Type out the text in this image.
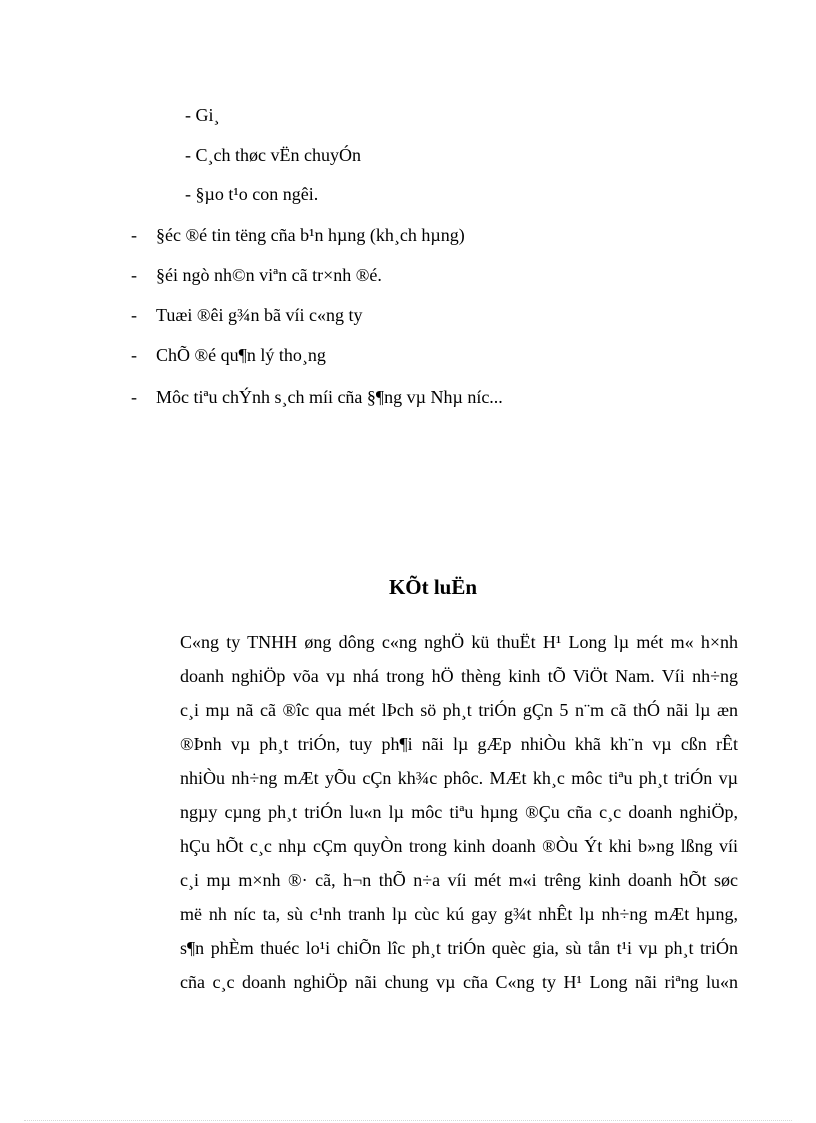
- Gi¸
- C¸ch thøc vËn chuyÓn
- §µo t¹o con ngêi.
- §éc ®é tin tëng cña b¹n hµng (kh¸ch hµng)
- §éi ngò nh©n viªn cã tr×nh ®é.
- Tuæi ®êi g¾n bã víi c«ng ty
- ChÕ ®é qu¶n lý tho¸ng
- Môc tiªu chÝnh s¸ch míi cña §¶ng vµ Nhµ níc...
KÕt luËn
C«ng ty TNHH øng dông c«ng nghÖ kü thuËt H¹ Long lµ mét m« h×nh
doanh nghiÖp võa vµ nhá trong hÖ thèng kinh tÕ ViÖt Nam. Víi nh÷ng
c¸i mµ nã cã ®îc qua mét lÞch sö ph¸t triÓn gÇn 5 n¨m cã thÓ nãi lµ æn
®Þnh vµ ph¸t triÓn, tuy ph¶i nãi lµ gÆp nhiÒu khã kh¨n vµ cßn rÊt
nhiÒu nh÷ng mÆt yÕu cÇn kh¾c phôc. MÆt kh¸c môc tiªu ph¸t triÓn vµ
ngµy cµng ph¸t triÓn lu«n lµ môc tiªu hµng ®Çu cña c¸c doanh nghiÖp,
hÇu hÕt c¸c nhµ cÇm quyÒn trong kinh doanh ®Òu Ýt khi b»ng lßng víi
c¸i mµ m×nh ®· cã, h¬n thÕ n÷a víi mét m«i trêng kinh doanh hÕt søc
më nh níc ta, sù c¹nh tranh lµ cùc kú gay g¾t nhÊt lµ nh÷ng mÆt hµng,
s¶n phÈm thuéc lo¹i chiÕn lîc ph¸t triÓn quèc gia, sù tån t¹i vµ ph¸t triÓn
cña c¸c doanh nghiÖp nãi chung vµ cña C«ng ty H¹ Long nãi riªng lu«n
